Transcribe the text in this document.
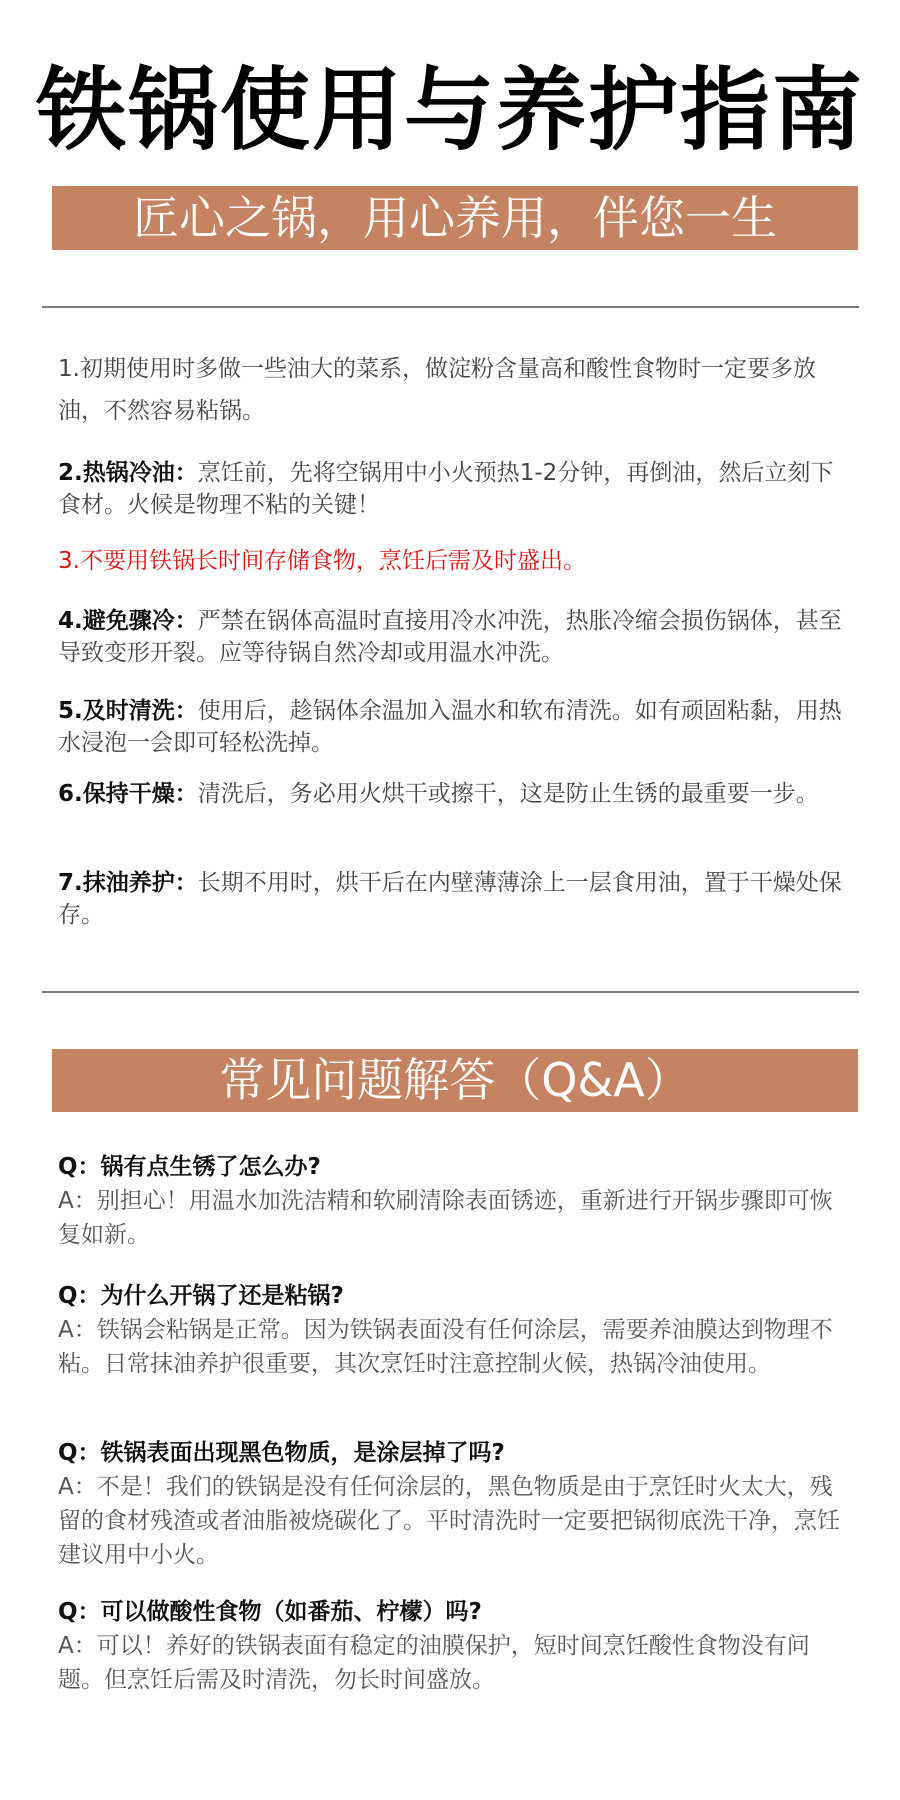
铁锅使用与养护指南
匠心之锅，用心养用，伴您一生
1.初期使用时多做一些油大的菜系，做淀粉含量高和酸性食物时一定要多放油，不然容易粘锅。
2.热锅冷油：烹饪前，先将空锅用中小火预热1-2分钟，再倒油，然后立刻下食材。火候是物理不粘的关键！
3.不要用铁锅长时间存储食物，烹饪后需及时盛出。
4.避免骤冷：严禁在锅体高温时直接用冷水冲洗，热胀冷缩会损伤锅体，甚至导致变形开裂。应等待锅自然冷却或用温水冲洗。
5.及时清洗：使用后，趁锅体余温加入温水和软布清洗。如有顽固粘黏，用热水浸泡一会即可轻松洗掉。
6.保持干燥：清洗后，务必用火烘干或擦干，这是防止生锈的最重要一步。
7.抹油养护：长期不用时，烘干后在内壁薄薄涂上一层食用油，置于干燥处保存。
常见问题解答（Q&A）
Q：锅有点生锈了怎么办?
A：别担心！用温水加洗洁精和软刷清除表面锈迹，重新进行开锅步骤即可恢复如新。
Q：为什么开锅了还是粘锅?
A：铁锅会粘锅是正常。因为铁锅表面没有任何涂层，需要养油膜达到物理不粘。日常抹油养护很重要，其次烹饪时注意控制火候，热锅冷油使用。
Q：铁锅表面出现黑色物质，是涂层掉了吗?
A：不是！我们的铁锅是没有任何涂层的，黑色物质是由于烹饪时火太大，残留的食材残渣或者油脂被烧碳化了。平时清洗时一定要把锅彻底洗干净，烹饪建议用中小火。
Q：可以做酸性食物（如番茄、柠檬）吗?
A：可以！养好的铁锅表面有稳定的油膜保护，短时间烹饪酸性食物没有问题。但烹饪后需及时清洗，勿长时间盛放。
